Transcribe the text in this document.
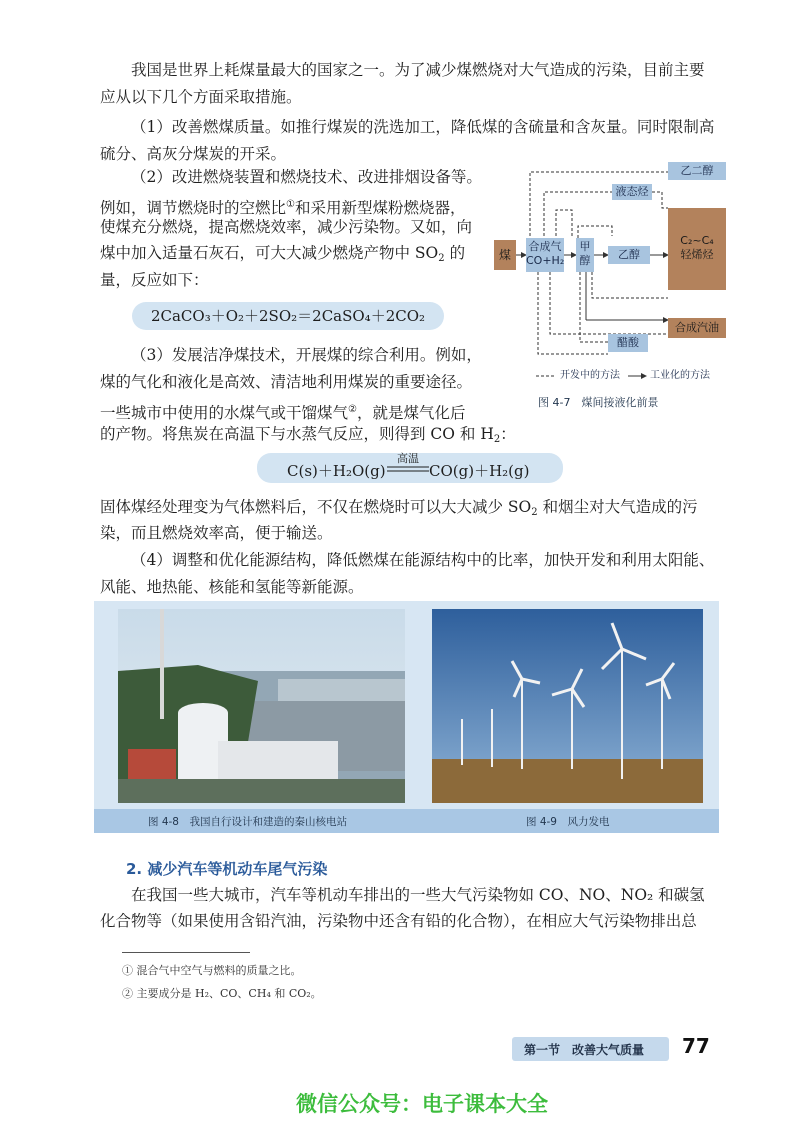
我国是世界上耗煤量最大的国家之一。为了减少煤燃烧对大气造成的污染，目前主要
应从以下几个方面采取措施。
（1）改善燃煤质量。如推行煤炭的洗选加工，降低煤的含硫量和含灰量。同时限制高
硫分、高灰分煤炭的开采。
（2）改进燃烧装置和燃烧技术、改进排烟设备等。
例如，调节燃烧时的空燃比①和采用新型煤粉燃烧器，
使煤充分燃烧，提高燃烧效率，减少污染物。又如，向
煤中加入适量石灰石，可大大减少燃烧产物中 $SO_2$ 的
量，反应如下：
2CaCO₃＋O₂＋2SO₂＝2CaSO₄＋2CO₂
（3）发展洁净煤技术，开展煤的综合利用。例如，
煤的气化和液化是高效、清洁地利用煤炭的重要途径。
一些城市中使用的水煤气或干馏煤气②，就是煤气化后
的产物。将焦炭在高温下与水蒸气反应，则得到 CO 和 $H_2$：
C(s)＋H₂O(g)
高温
CO(g)＋H₂(g)
固体煤经处理变为气体燃料后，不仅在燃烧时可以大大减少 $SO_2$ 和烟尘对大气造成的污
染，而且燃烧效率高，便于输送。
（4）调整和优化能源结构，降低燃煤在能源结构中的比率，加快开发和利用太阳能、
风能、地热能、核能和氢能等新能源。
煤
合成气
CO+H₂
甲
醇	乙醇
乙二醇
液态烃
C₂~C₄
轻烯烃
合成汽油
醋酸
开发中的方法	工业化的方法
图 4-7　煤间接液化前景
图 4-8　我国自行设计和建造的秦山核电站	图 4-9　风力发电
2. 减少汽车等机动车尾气污染
在我国一些大城市，汽车等机动车排出的一些大气污染物如 CO、NO、NO₂ 和碳氢
化合物等（如果使用含铅汽油，污染物中还含有铅的化合物），在相应大气污染物排出总
① 混合气中空气与燃料的质量之比。
② 主要成分是 H₂、CO、CH₄ 和 CO₂。
第一节　改善大气质量 77
微信公众号：电子课本大全
